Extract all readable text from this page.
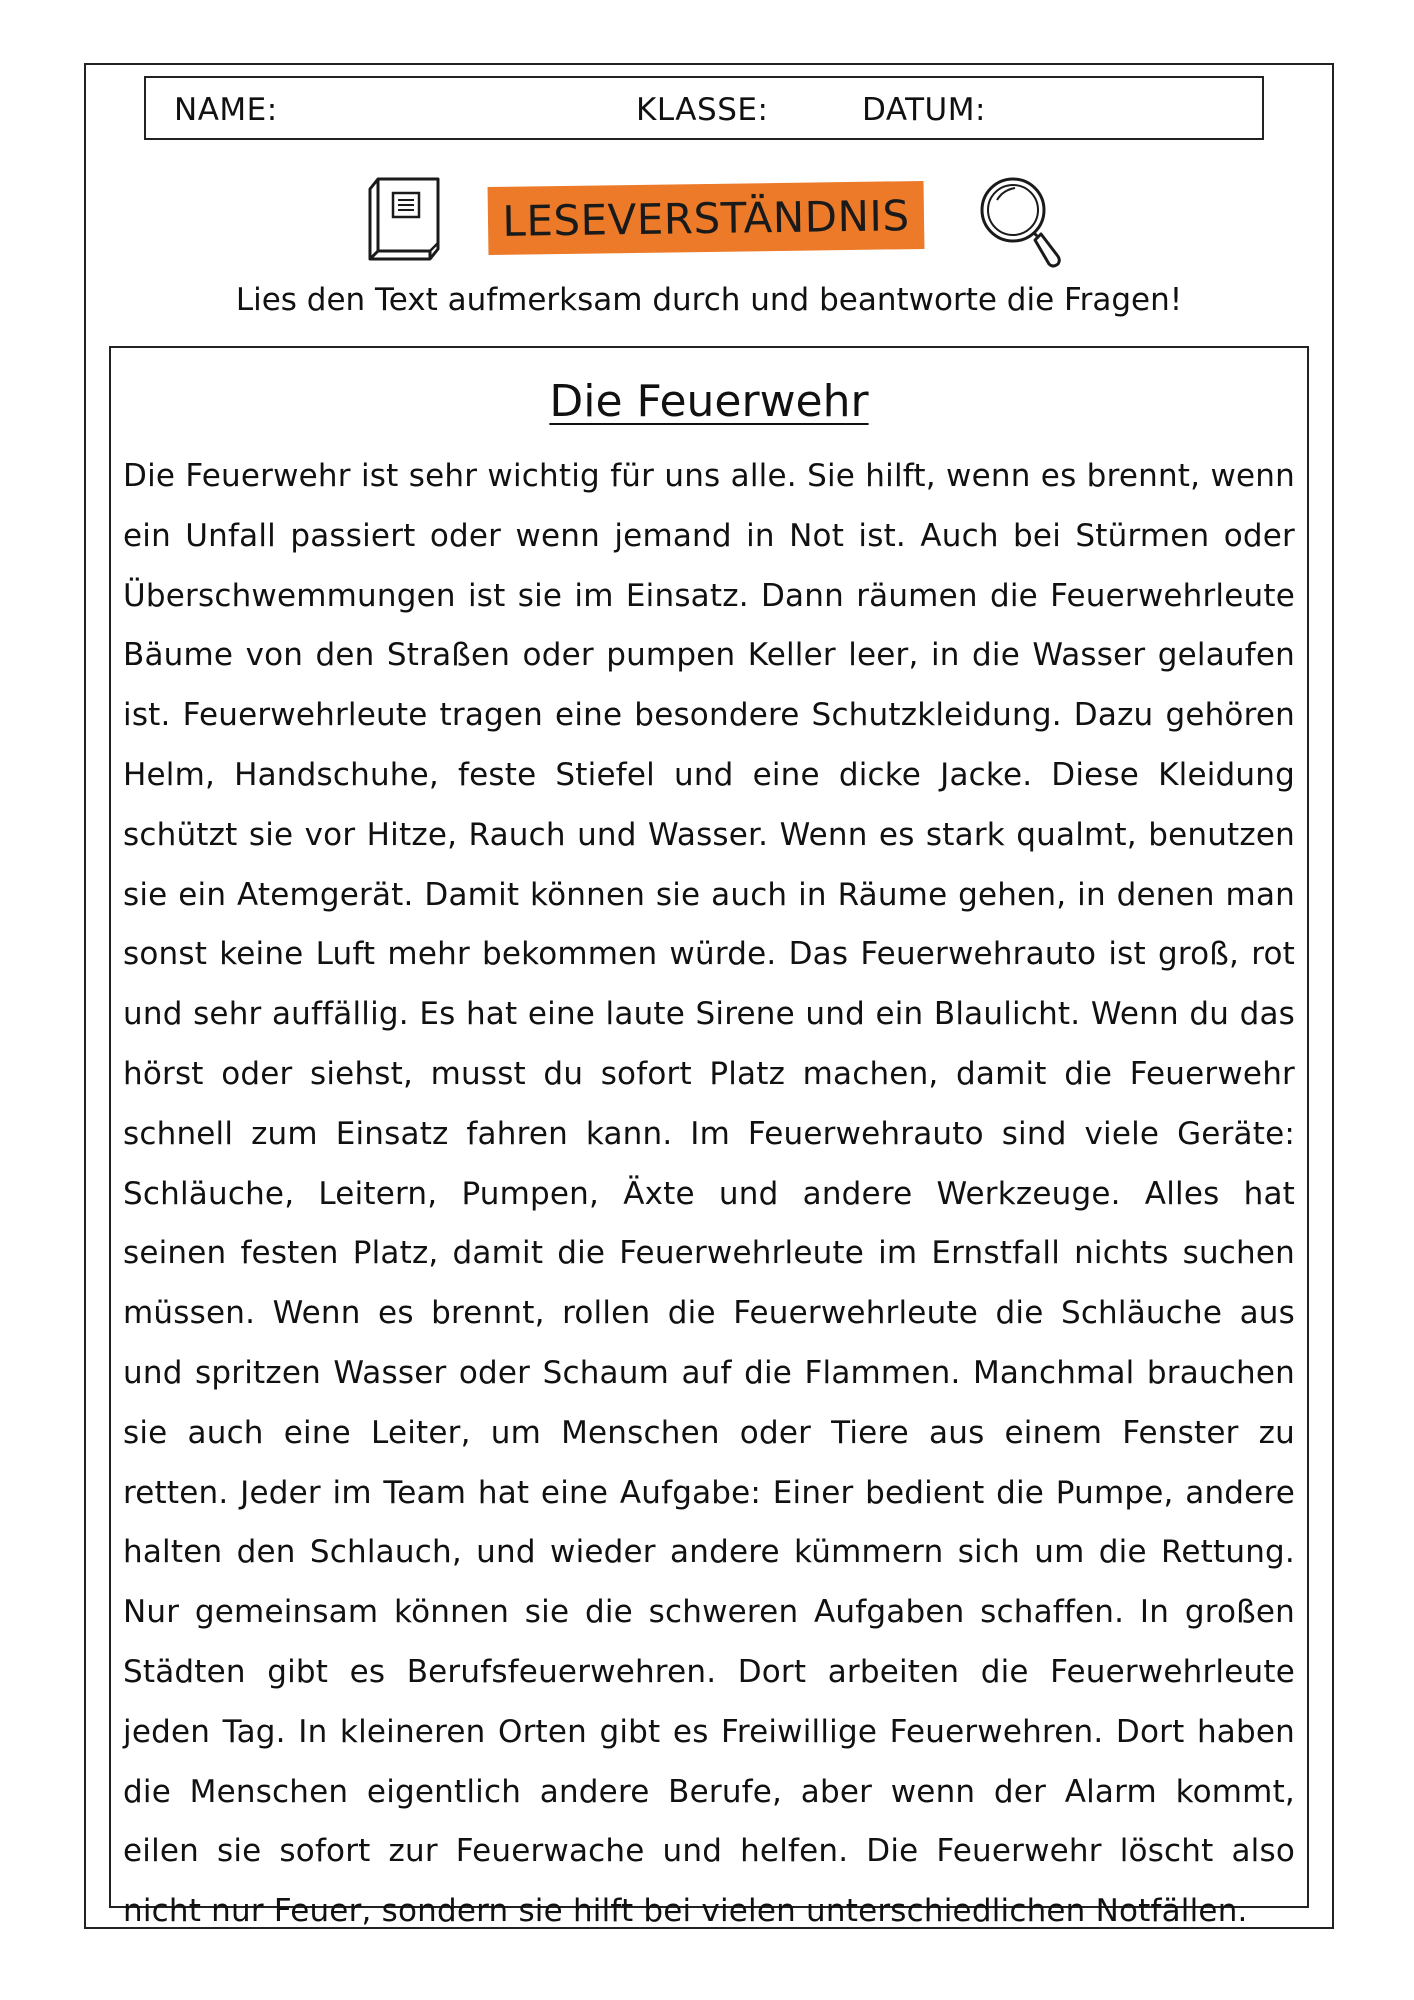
NAME:	KLASSE:	DATUM:
LESEVERSTÄNDNIS
Lies den Text aufmerksam durch und beantworte die Fragen!
Die Feuerwehr

Die Feuerwehr ist sehr wichtig für uns alle. Sie hilft, wenn es brennt, wenn ein Unfall passiert oder wenn jemand in Not ist. Auch bei Stürmen oder Überschwemmungen ist sie im Einsatz. Dann räumen die Feuerwehrleute Bäume von den Straßen oder pumpen Keller leer, in die Wasser gelaufen ist. Feuerwehrleute tragen eine besondere Schutzkleidung. Dazu gehören Helm, Handschuhe, feste Stiefel und eine dicke Jacke. Diese Kleidung schützt sie vor Hitze, Rauch und Wasser. Wenn es stark qualmt, benutzen sie ein Atemgerät. Damit können sie auch in Räume gehen, in denen man sonst keine Luft mehr bekommen würde. Das Feuerwehrauto ist groß, rot und sehr auffällig. Es hat eine laute Sirene und ein Blaulicht. Wenn du das hörst oder siehst, musst du sofort Platz machen, damit die Feuerwehr schnell zum Einsatz fahren kann. Im Feuerwehrauto sind viele Geräte: Schläuche, Leitern, Pumpen, Äxte und andere Werkzeuge. Alles hat seinen festen Platz, damit die Feuerwehrleute im Ernstfall nichts suchen müssen. Wenn es brennt, rollen die Feuerwehrleute die Schläuche aus und spritzen Wasser oder Schaum auf die Flammen. Manchmal brauchen sie auch eine Leiter, um Menschen oder Tiere aus einem Fenster zu retten. Jeder im Team hat eine Aufgabe: Einer bedient die Pumpe, andere halten den Schlauch, und wieder andere kümmern sich um die Rettung. Nur gemeinsam können sie die schweren Aufgaben schaffen. In großen Städten gibt es Berufsfeuerwehren. Dort arbeiten die Feuerwehrleute jeden Tag. In kleineren Orten gibt es Freiwillige Feuerwehren. Dort haben die Menschen eigentlich andere Berufe, aber wenn der Alarm kommt, eilen sie sofort zur Feuerwache und helfen. Die Feuerwehr löscht also nicht nur Feuer, sondern sie hilft bei vielen unterschiedlichen Notfällen.
